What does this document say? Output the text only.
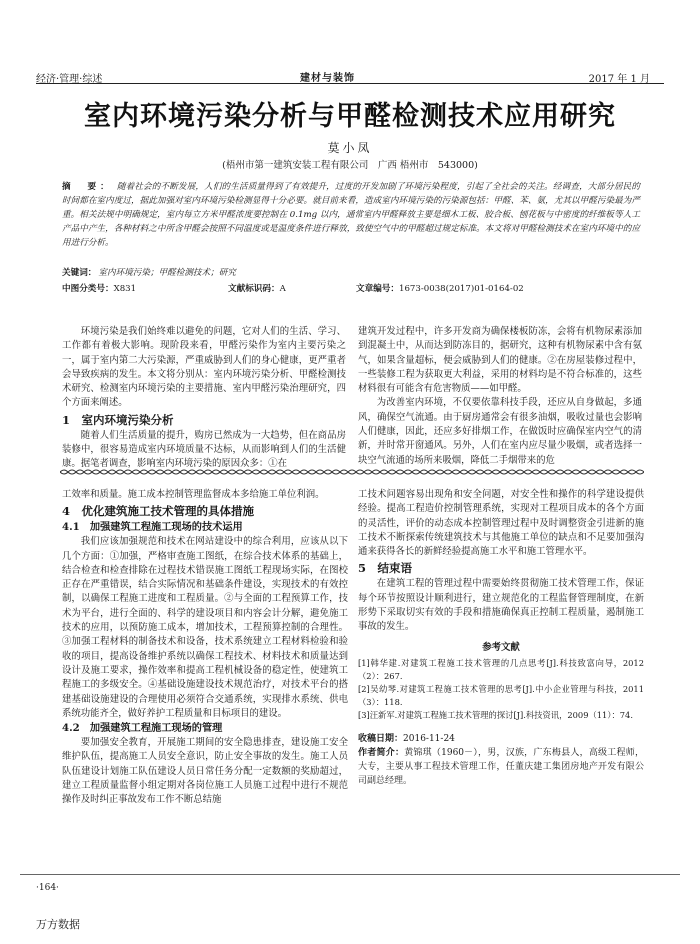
经济·管理·综述	建材与装饰	2017 年 1 月
室内环境污染分析与甲醛检测技术应用研究
莫小凤
(梧州市第一建筑安装工程有限公司　广西 梧州市　543000)
摘　要： 随着社会的不断发展，人们的生活质量得到了有效提升，过度的开发加剧了环境污染程度，引起了全社会的关注。经调查，大部分居民的时间都在室内度过，据此加强对室内环境污染检测显得十分必要。就目前来看，造成室内环境污染的污染源包括：甲醛、苯、氨，尤其以甲醛污染最为严重。相关法规中明确规定，室内每立方米甲醛浓度要控制在 0.1mg 以内，通常室内甲醛释放主要是细木工板、胶合板、刨花板与中密度的纤维板等人工产品中产生，各种材料之中所含甲醛会按照不同温度或是温度条件进行释放，致使空气中的甲醛超过规定标准。本文将对甲醛检测技术在室内环境中的应用进行分析。
关键词： 室内环境污染；甲醛检测技术；研究
中图分类号：X831	文献标识码：A	文章编号：1673-0038(2017)01-0164-02

环境污染是我们始终难以避免的问题，它对人们的生活、学习、工作都有着极大影响。现阶段来看，甲醛污染作为室内主要污染之一，属于室内第二大污染源，严重威胁到人们的身心健康，更严重者会导致疾病的发生。本文将分别从：室内环境污染分析、甲醛检测技术研究、检测室内环境污染的主要措施、室内甲醛污染治理研究，四个方面来阐述。

1　室内环境污染分析

随着人们生活质量的提升，购房已然成为一大趋势，但在商品房装修中，很容易造成室内环境质量不达标，从而影响到人们的生活健康。据笔者调查，影响室内环境污染的原因众多：①在

建筑开发过程中，许多开发商为确保楼板防冻，会将有机物尿素添加到混凝土中，从而达到防冻目的，据研究，这种有机物尿素中含有氨气，如果含量超标，便会威胁到人们的健康。②在房屋装修过程中，一些装修工程为获取更大利益，采用的材料均是不符合标准的，这些材料很有可能含有危害物质——如甲醛。

为改善室内环境，不仅要依靠科技手段，还应从自身做起，多通风，确保空气流通。由于厨房通常会有很多油烟，吸收过量也会影响人们健康，因此，还应多好排烟工作，在做饭时应确保室内空气的清新，并时常开窗通风。另外，人们在室内应尽量少吸烟，或者选择一块空气流通的场所来吸烟，降低二手烟带来的危

工效率和质量。施工成本控制管理监督成本多给施工单位利润。

4　优化建筑施工技术管理的具体措施
4.1　加强建筑工程施工现场的技术运用

我们应该加强规范和技术在网站建设中的综合利用，应该从以下几个方面：①加强，严格审查施工图纸，在综合技术体系的基础上，结合检查和检查排除在过程技术错误施工图纸工程现场实际，在图校正存在严重错误，结合实际情况和基础条件建设，实现技术的有效控制，以确保工程施工进度和工程质量。②与全面的工程预算工作，技术为平台，进行全面的、科学的建设项目和内容会计分解，避免施工技术的应用，以预防施工成本，增加技术，工程预算控制的合理性。③加强工程材料的制备技术和设备，技术系统建立工程材料检验和验收的项目，提高设备维护系统以确保工程技术、材料技术和质量达到设计及施工要求，操作效率和提高工程机械设备的稳定性，使建筑工程施工的多级安全。④基础设施建设技术规范治疗，对技术平台的搭建基础设施建设的合理使用必须符合交通系统，实现排水系统、供电系统功能齐全，做好养护工程质量和目标项目的建设。

4.2　加强建筑工程施工现场的管理

要加强安全教育，开展施工期间的安全隐患排查，建设施工安全维护队伍，提高施工人员安全意识，防止安全事故的发生。施工人员队伍建设计划施工队伍建设人员日常任务分配一定数额的奖励超过，建立工程质量监督小组定期对各岗位施工人员施工过程中进行不规范操作及时纠正事故发布工作不断总结施

工技术问题容易出现角和安全问题，对安全性和操作的科学建设提供经验。提高工程造价控制管理系统，实现对工程项目成本的各个方面的灵活性，评价的动态成本控制管理过程中及时调整资金引进新的施工技术不断探索传统建筑技术与其他施工单位的缺点和不足要加强沟通来获得各长的新鲜经验提高施工水平和施工管理水平。

5　结束语

在建筑工程的管理过程中需要始终贯彻施工技术管理工作，保证每个环节按照设计顺利进行，建立规范化的工程监督管理制度，在新形势下采取切实有效的手段和措施确保真正控制工程质量，遏制施工事故的发生。

参考文献
[1]韩华建.对建筑工程施工技术管理的几点思考[J].科技致富向导，2012（2）：267.
[2]吴幼琴.对建筑工程施工技术管理的思考[J].中小企业管理与科技，2011（3）：118.
[3]汪新军.对建筑工程施工技术管理的探讨[J].科技资讯，2009（11）：74.
收稿日期：2016-11-24
作者简介：黄锦琪（1960－），男，汉族，广东梅县人，高级工程师，大专，主要从事工程技术管理工作，任董庆建工集团房地产开发有限公司副总经理。
·164·
万方数据
